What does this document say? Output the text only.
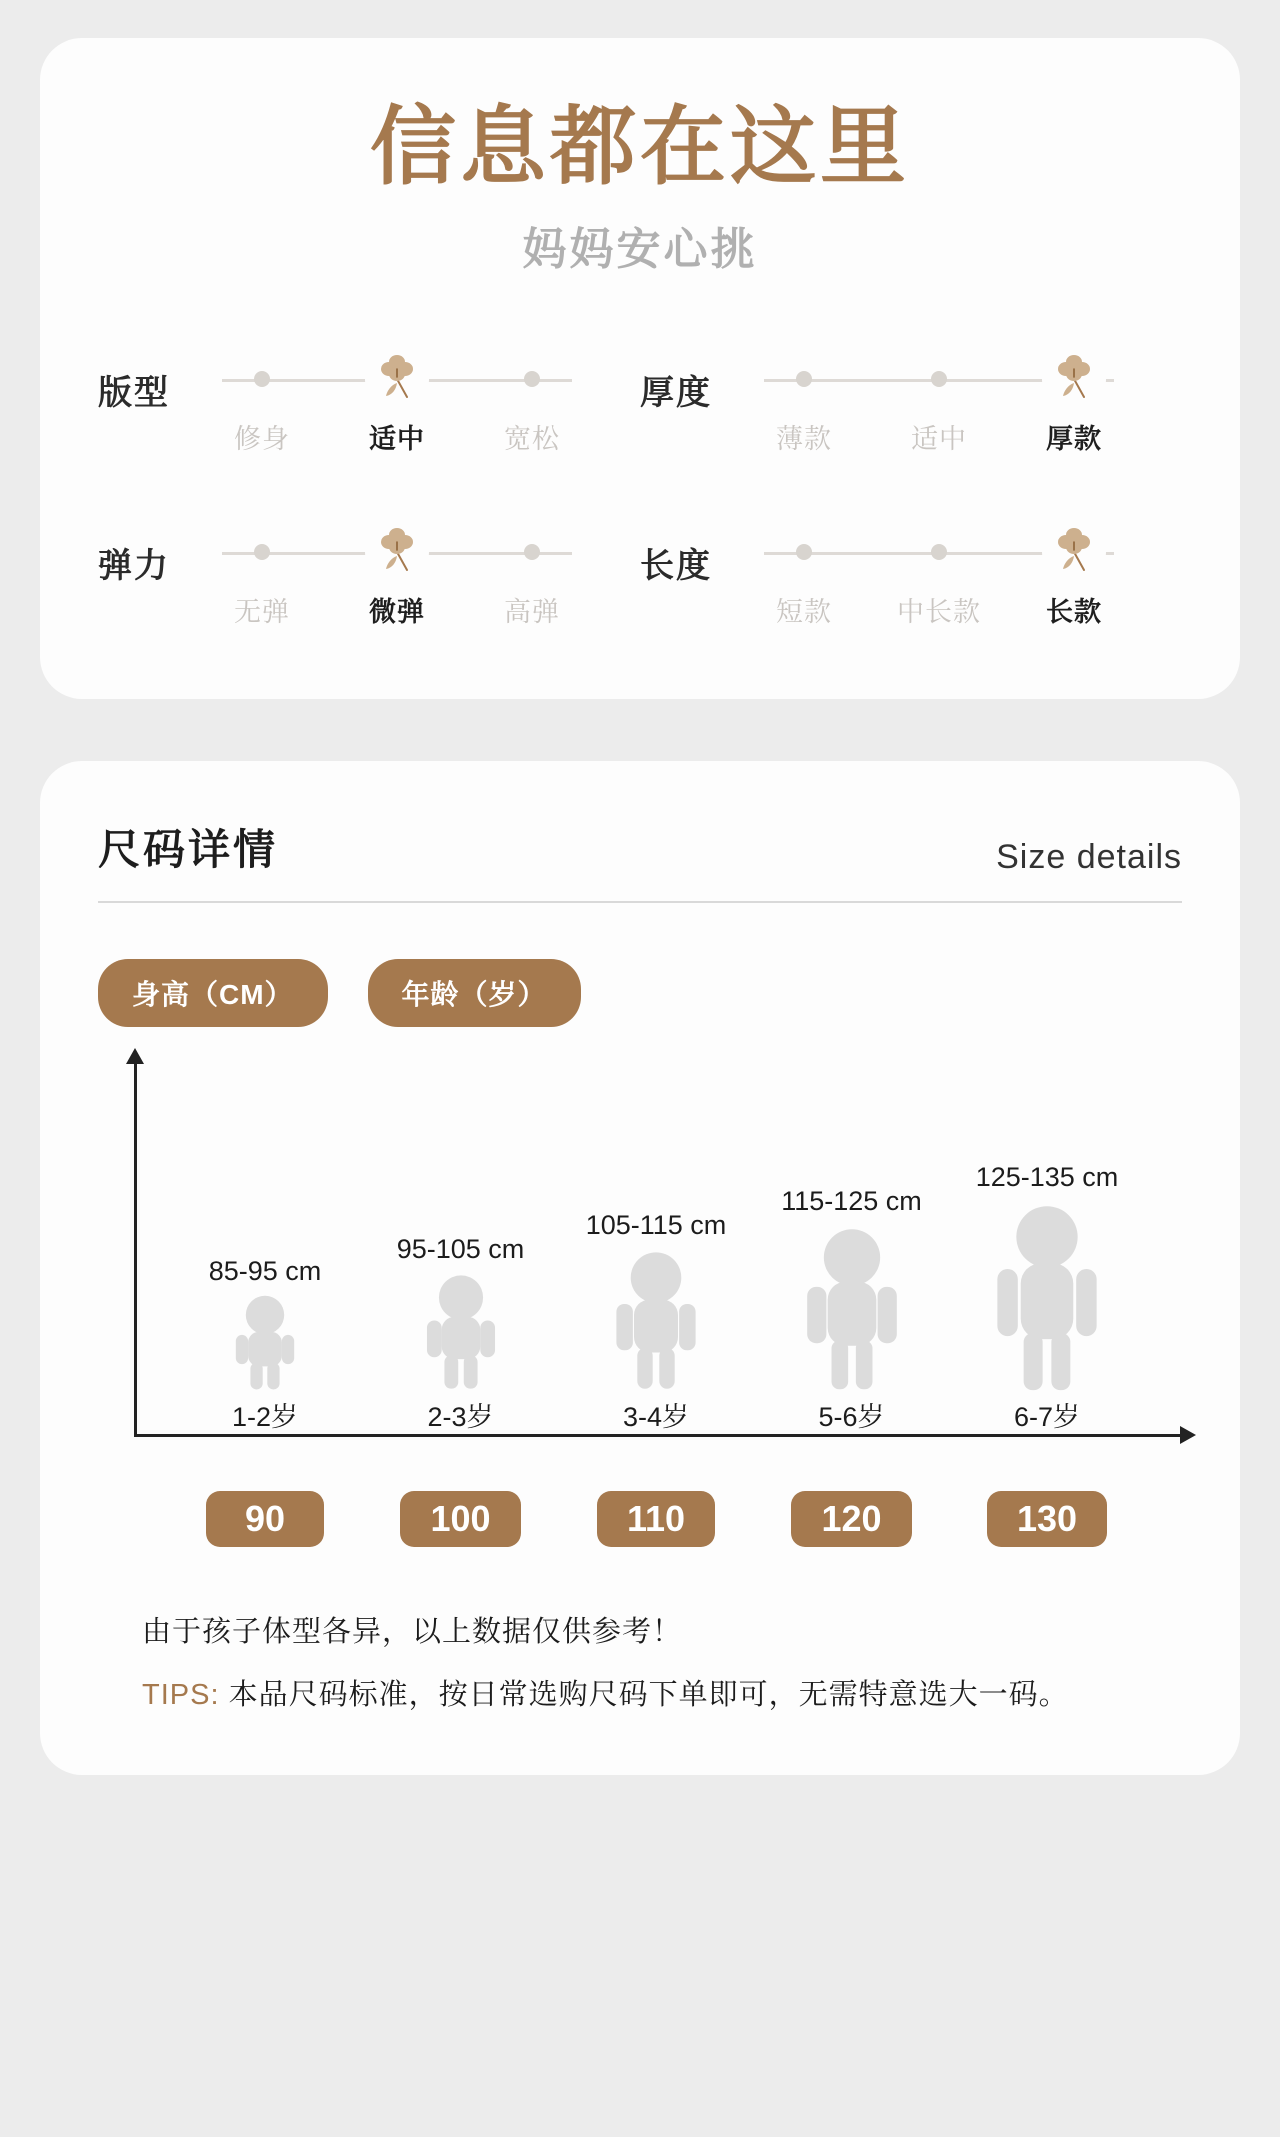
信息都在这里
妈妈安心挑
版型
修身	适中	宽松
厚度
薄款	适中	厚款
弹力
无弹	微弹	高弹
长度
短款	中长款	长款
尺码详情	Size details
身高（CM）	年龄（岁）
85-95 cm
1-2岁
95-105 cm
2-3岁
105-115 cm
3-4岁
115-125 cm
5-6岁
125-135 cm
6-7岁
90	100	110	120	130
由于孩子体型各异，以上数据仅供参考！
TIPS: 本品尺码标准，按日常选购尺码下单即可，无需特意选大一码。
